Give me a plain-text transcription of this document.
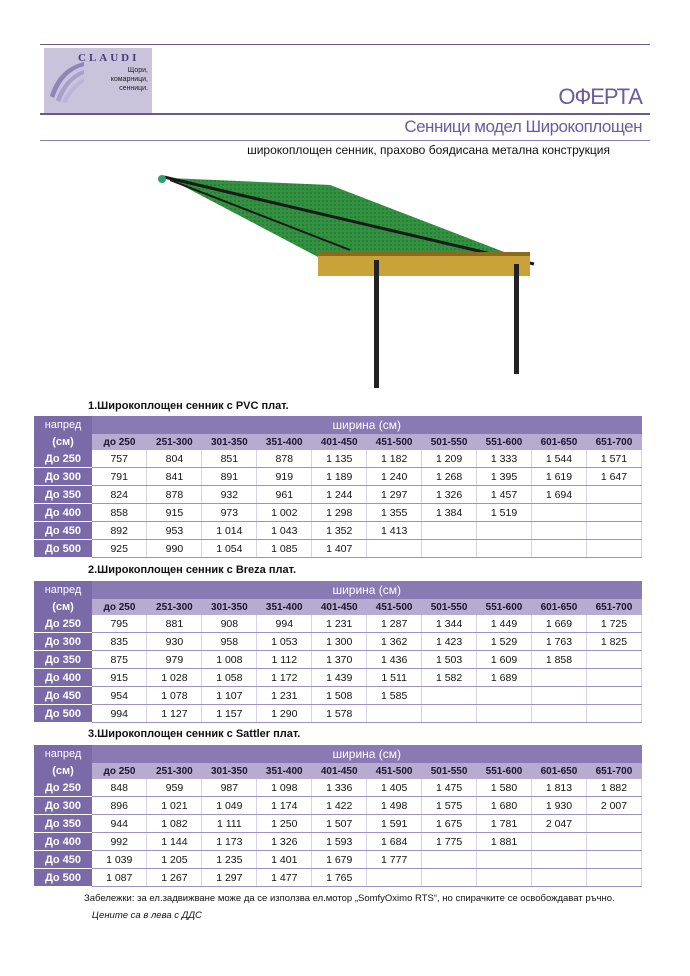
CLAUDI
Щори,
комарници,
сенници.	ОФЕРТА
Сенници модел Широкоплощен
широкоплощен сенник, прахово боядисана метална конструкция
1.Широкоплощен сенник с PVC плат.
напред	ширина (см)									
(см)	до 250	251-300	301-350	351-400	401-450	451-500	501-550	551-600	601-650	651-700
До 250	757	804	851	878	1 135	1 182	1 209	1 333	1 544	1 571
До 300	791	841	891	919	1 189	1 240	1 268	1 395	1 619	1 647
До 350	824	878	932	961	1 244	1 297	1 326	1 457	1 694	
До 400	858	915	973	1 002	1 298	1 355	1 384	1 519		
До 450	892	953	1 014	1 043	1 352	1 413				
До 500	925	990	1 054	1 085	1 407					
2.Широкоплощен сенник с Breza плат.
напред	ширина (см)									
(см)	до 250	251-300	301-350	351-400	401-450	451-500	501-550	551-600	601-650	651-700
До 250	795	881	908	994	1 231	1 287	1 344	1 449	1 669	1 725
До 300	835	930	958	1 053	1 300	1 362	1 423	1 529	1 763	1 825
До 350	875	979	1 008	1 112	1 370	1 436	1 503	1 609	1 858	
До 400	915	1 028	1 058	1 172	1 439	1 511	1 582	1 689		
До 450	954	1 078	1 107	1 231	1 508	1 585				
До 500	994	1 127	1 157	1 290	1 578					
3.Широкоплощен сенник с Sattler плат.
напред	ширина (см)									
(см)	до 250	251-300	301-350	351-400	401-450	451-500	501-550	551-600	601-650	651-700
До 250	848	959	987	1 098	1 336	1 405	1 475	1 580	1 813	1 882
До 300	896	1 021	1 049	1 174	1 422	1 498	1 575	1 680	1 930	2 007
До 350	944	1 082	1 111	1 250	1 507	1 591	1 675	1 781	2 047	
До 400	992	1 144	1 173	1 326	1 593	1 684	1 775	1 881		
До 450	1 039	1 205	1 235	1 401	1 679	1 777				
До 500	1 087	1 267	1 297	1 477	1 765					
Забележки: за ел.задвижване може да се използва ел.мотор „SomfyOximo RTS“, но спирачките се освобождават ръчно.    Цените са в лева с ДДС
